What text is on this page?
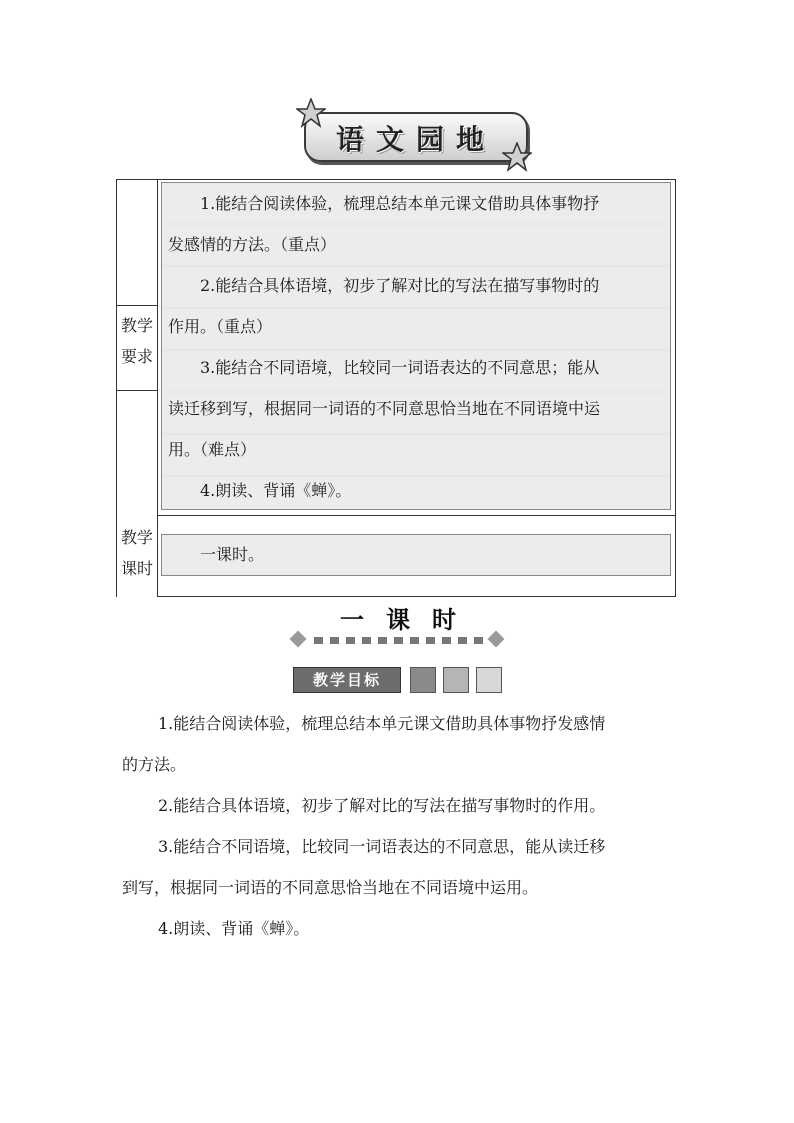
语文园地
教学
要求
1.能结合阅读体验，梳理总结本单元课文借助具体事物抒
发感情的方法。（重点）
2.能结合具体语境，初步了解对比的写法在描写事物时的
作用。（重点）
3.能结合不同语境，比较同一词语表达的不同意思；能从
读迁移到写，根据同一词语的不同意思恰当地在不同语境中运
用。（难点）
4.朗读、背诵《蝉》。
教学
课时
一课时。
一课时
教学目标

1.能结合阅读体验，梳理总结本单元课文借助具体事物抒发感情

的方法。

2.能结合具体语境，初步了解对比的写法在描写事物时的作用。

3.能结合不同语境，比较同一词语表达的不同意思，能从读迁移

到写，根据同一词语的不同意思恰当地在不同语境中运用。

4.朗读、背诵《蝉》。
